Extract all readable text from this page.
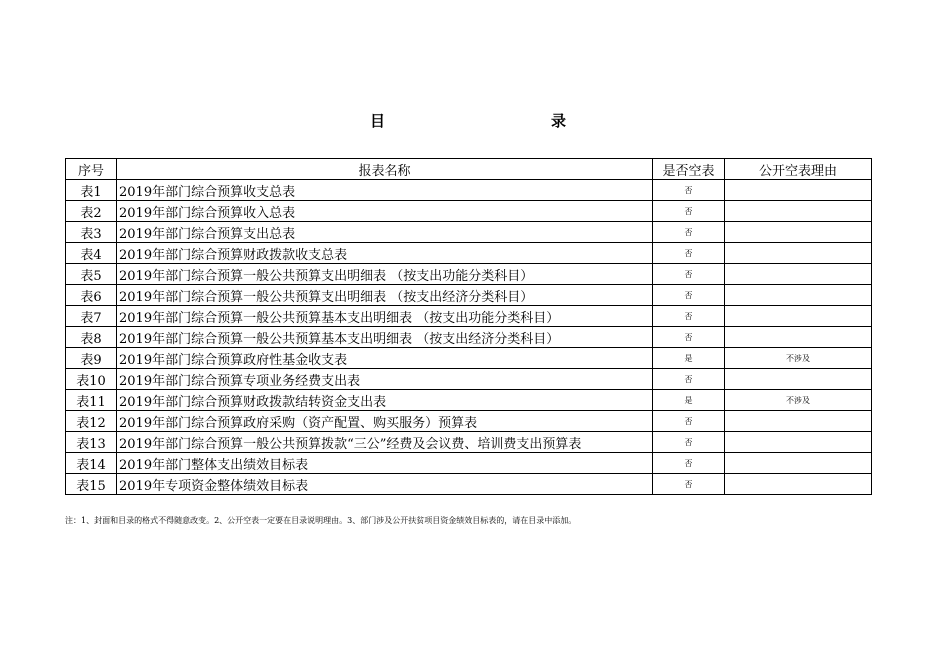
目	录
序号	报表名称	是否空表	公开空表理由
表1	2019年部门综合预算收支总表	否	
表2	2019年部门综合预算收入总表	否	
表3	2019年部门综合预算支出总表	否	
表4	2019年部门综合预算财政拨款收支总表	否	
表5	2019年部门综合预算一般公共预算支出明细表 （按支出功能分类科目）	否	
表6	2019年部门综合预算一般公共预算支出明细表 （按支出经济分类科目）	否	
表7	2019年部门综合预算一般公共预算基本支出明细表 （按支出功能分类科目）	否	
表8	2019年部门综合预算一般公共预算基本支出明细表 （按支出经济分类科目）	否	
表9	2019年部门综合预算政府性基金收支表	是	不涉及
表10	2019年部门综合预算专项业务经费支出表	否	
表11	2019年部门综合预算财政拨款结转资金支出表	是	不涉及
表12	2019年部门综合预算政府采购（资产配置、购买服务）预算表	否	
表13	2019年部门综合预算一般公共预算拨款“三公”经费及会议费、培训费支出预算表	否	
表14	2019年部门整体支出绩效目标表	否	
表15	2019年专项资金整体绩效目标表	否	
注：1、封面和目录的格式不得随意改变。2、公开空表一定要在目录说明理由。3、部门涉及公开扶贫项目资金绩效目标表的，请在目录中添加。
